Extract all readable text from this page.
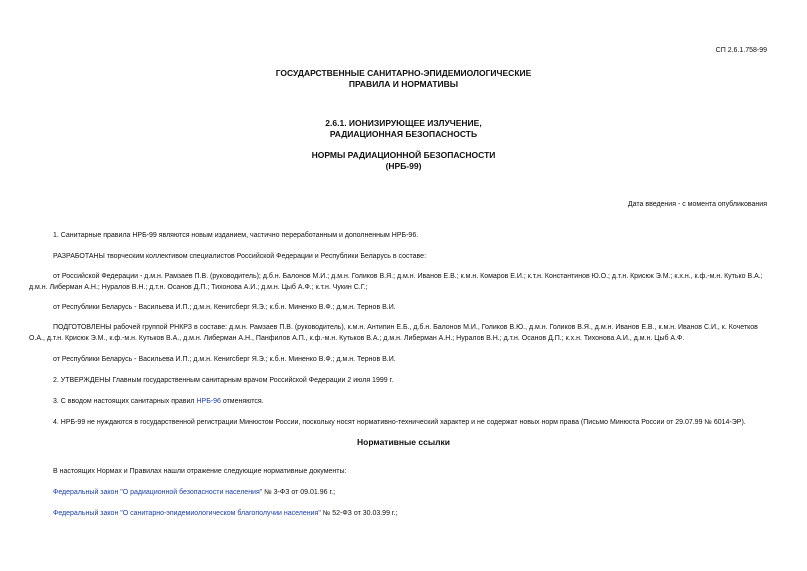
СП 2.6.1.758-99

ГОСУДАРСТВЕННЫЕ САНИТАРНО-ЭПИДЕМИОЛОГИЧЕСКИЕ
ПРАВИЛА И НОРМАТИВЫ
2.6.1. ИОНИЗИРУЮЩЕЕ ИЗЛУЧЕНИЕ,
РАДИАЦИОННАЯ БЕЗОПАСНОСТЬ
НОРМЫ РАДИАЦИОННОЙ БЕЗОПАСНОСТИ
(НРБ-99)

Дата введения - с момента опубликования

1. Санитарные правила НРБ-99 являются новым изданием, частично переработанным и дополненным НРБ-96.

РАЗРАБОТАНЫ творческим коллективом специалистов Российской Федерации и Республики Беларусь в составе:

от Российской Федерации - д.м.н. Рамзаев П.В. (руководитель); д.б.н. Балонов М.И.; д.м.н. Голиков В.Я.; д.м.н. Иванов Е.В.; к.м.н. Комаров Е.И.; к.т.н. Константинов Ю.О.; д.т.н. Крисюк Э.М.; к.х.н., к.ф.-м.н. Кутько В.А.; д.м.н. Либерман А.Н.; Нуралов В.Н.; д.т.н. Осанов Д.П.; Тихонова А.И.; д.м.н. Цыб А.Ф.; к.т.н. Чукин С.Г.;

от Республики Беларусь - Васильева И.П.; д.м.н. Кенигсберг Я.Э.; к.б.н. Миненко В.Ф.; д.м.н. Тернов В.И.

ПОДГОТОВЛЕНЫ рабочей группой РНКРЗ в составе: д.м.н. Рамзаев П.В. (руководитель), к.м.н. Антипин Е.Б., д.б.н. Балонов М.И., Голиков В.Ю., д.м.н. Голиков В.Я., д.м.н. Иванов Е.В., к.м.н. Иванов С.И., к. Кочетков О.А., д.т.н. Крисюк Э.М., к.ф.-м.н. Кутьков В.А., д.м.н. Либерман А.Н., Панфилов А.П., к.ф.-м.н. Кутьков В.А.; д.м.н. Либерман А.Н.; Нуралов В.Н.; д.т.н. Осанов Д.П.; к.х.н. Тихонова А.И., д.м.н. Цыб А.Ф.

от Республики Беларусь - Васильева И.П.; д.м.н. Кенигсберг Я.Э.; к.б.н. Миненко В.Ф.; д.м.н. Тернов В.И.

2. УТВЕРЖДЕНЫ Главным государственным санитарным врачом Российской Федерации 2 июля 1999 г.

3. С вводом настоящих санитарных правил НРБ-96 отменяются.

4. НРБ-99 не нуждаются в государственной регистрации Минюстом России, поскольку носят нормативно-технический характер и не содержат новых норм права (Письмо Минюста России от 29.07.99 № 6014-ЭР).

Нормативные ссылки

В настоящих Нормах и Правилах нашли отражение следующие нормативные документы:

Федеральный закон "О радиационной безопасности населения" № 3-ФЗ от 09.01.96 г.;

Федеральный закон "О санитарно-эпидемиологическом благополучии населения" № 52-ФЗ от 30.03.99 г.;
